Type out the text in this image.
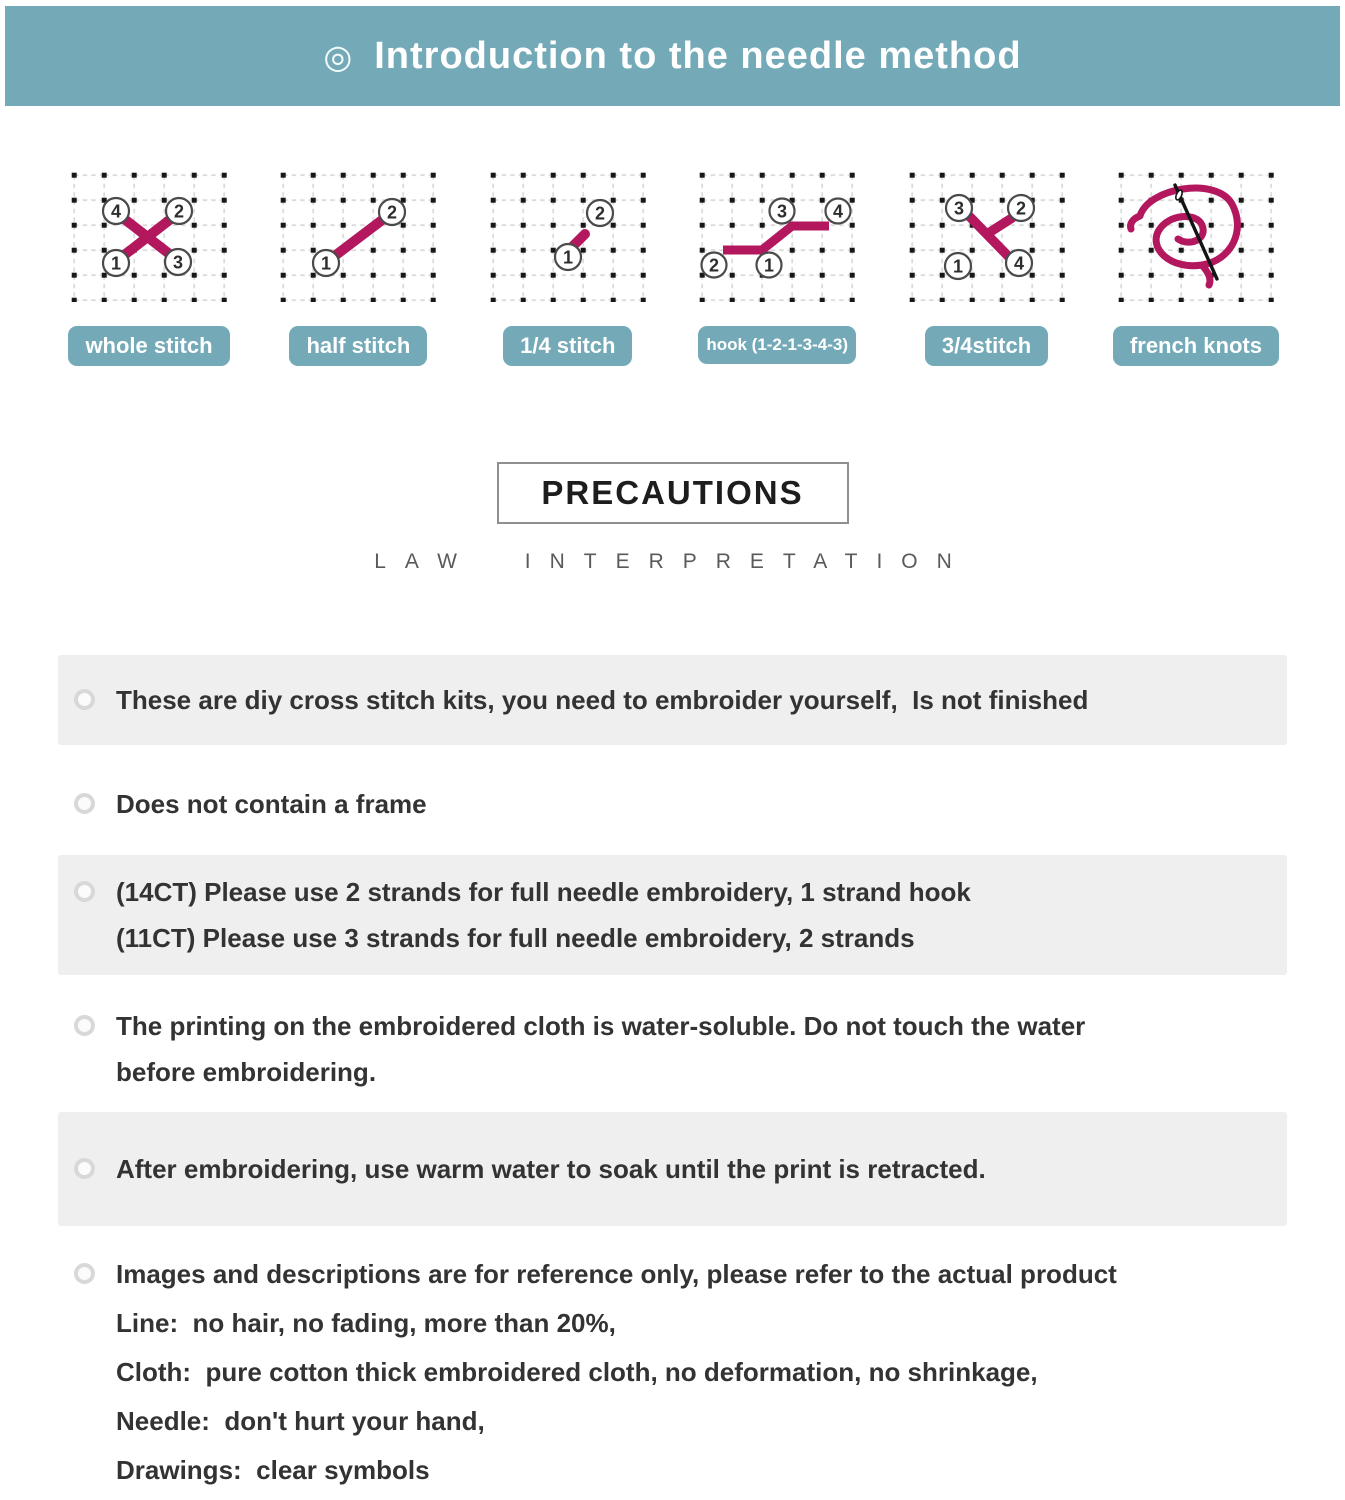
◎ Introduction to the needle method
4	2
1	3
whole stitch
1
2
half stitch
1
2
1/4 stitch
2 1
3	4
hook (1-2-1-3-4-3)
3	2
1	4
3/4stitch	french knots
PRECAUTIONS
LAW INTERPRETATION
These are diy cross stitch kits, you need to embroider yourself,  Is not finished
Does not contain a frame
(14CT) Please use 2 strands for full needle embroidery, 1 strand hook
(11CT) Please use 3 strands for full needle embroidery, 2 strands
The printing on the embroidered cloth is water-soluble. Do not touch the water
before embroidering.
After embroidering, use warm water to soak until the print is retracted.
Images and descriptions are for reference only, please refer to the actual product
Line:  no hair, no fading, more than 20%,
Cloth:  pure cotton thick embroidered cloth, no deformation, no shrinkage,
Needle:  don't hurt your hand,
Drawings:  clear symbols
